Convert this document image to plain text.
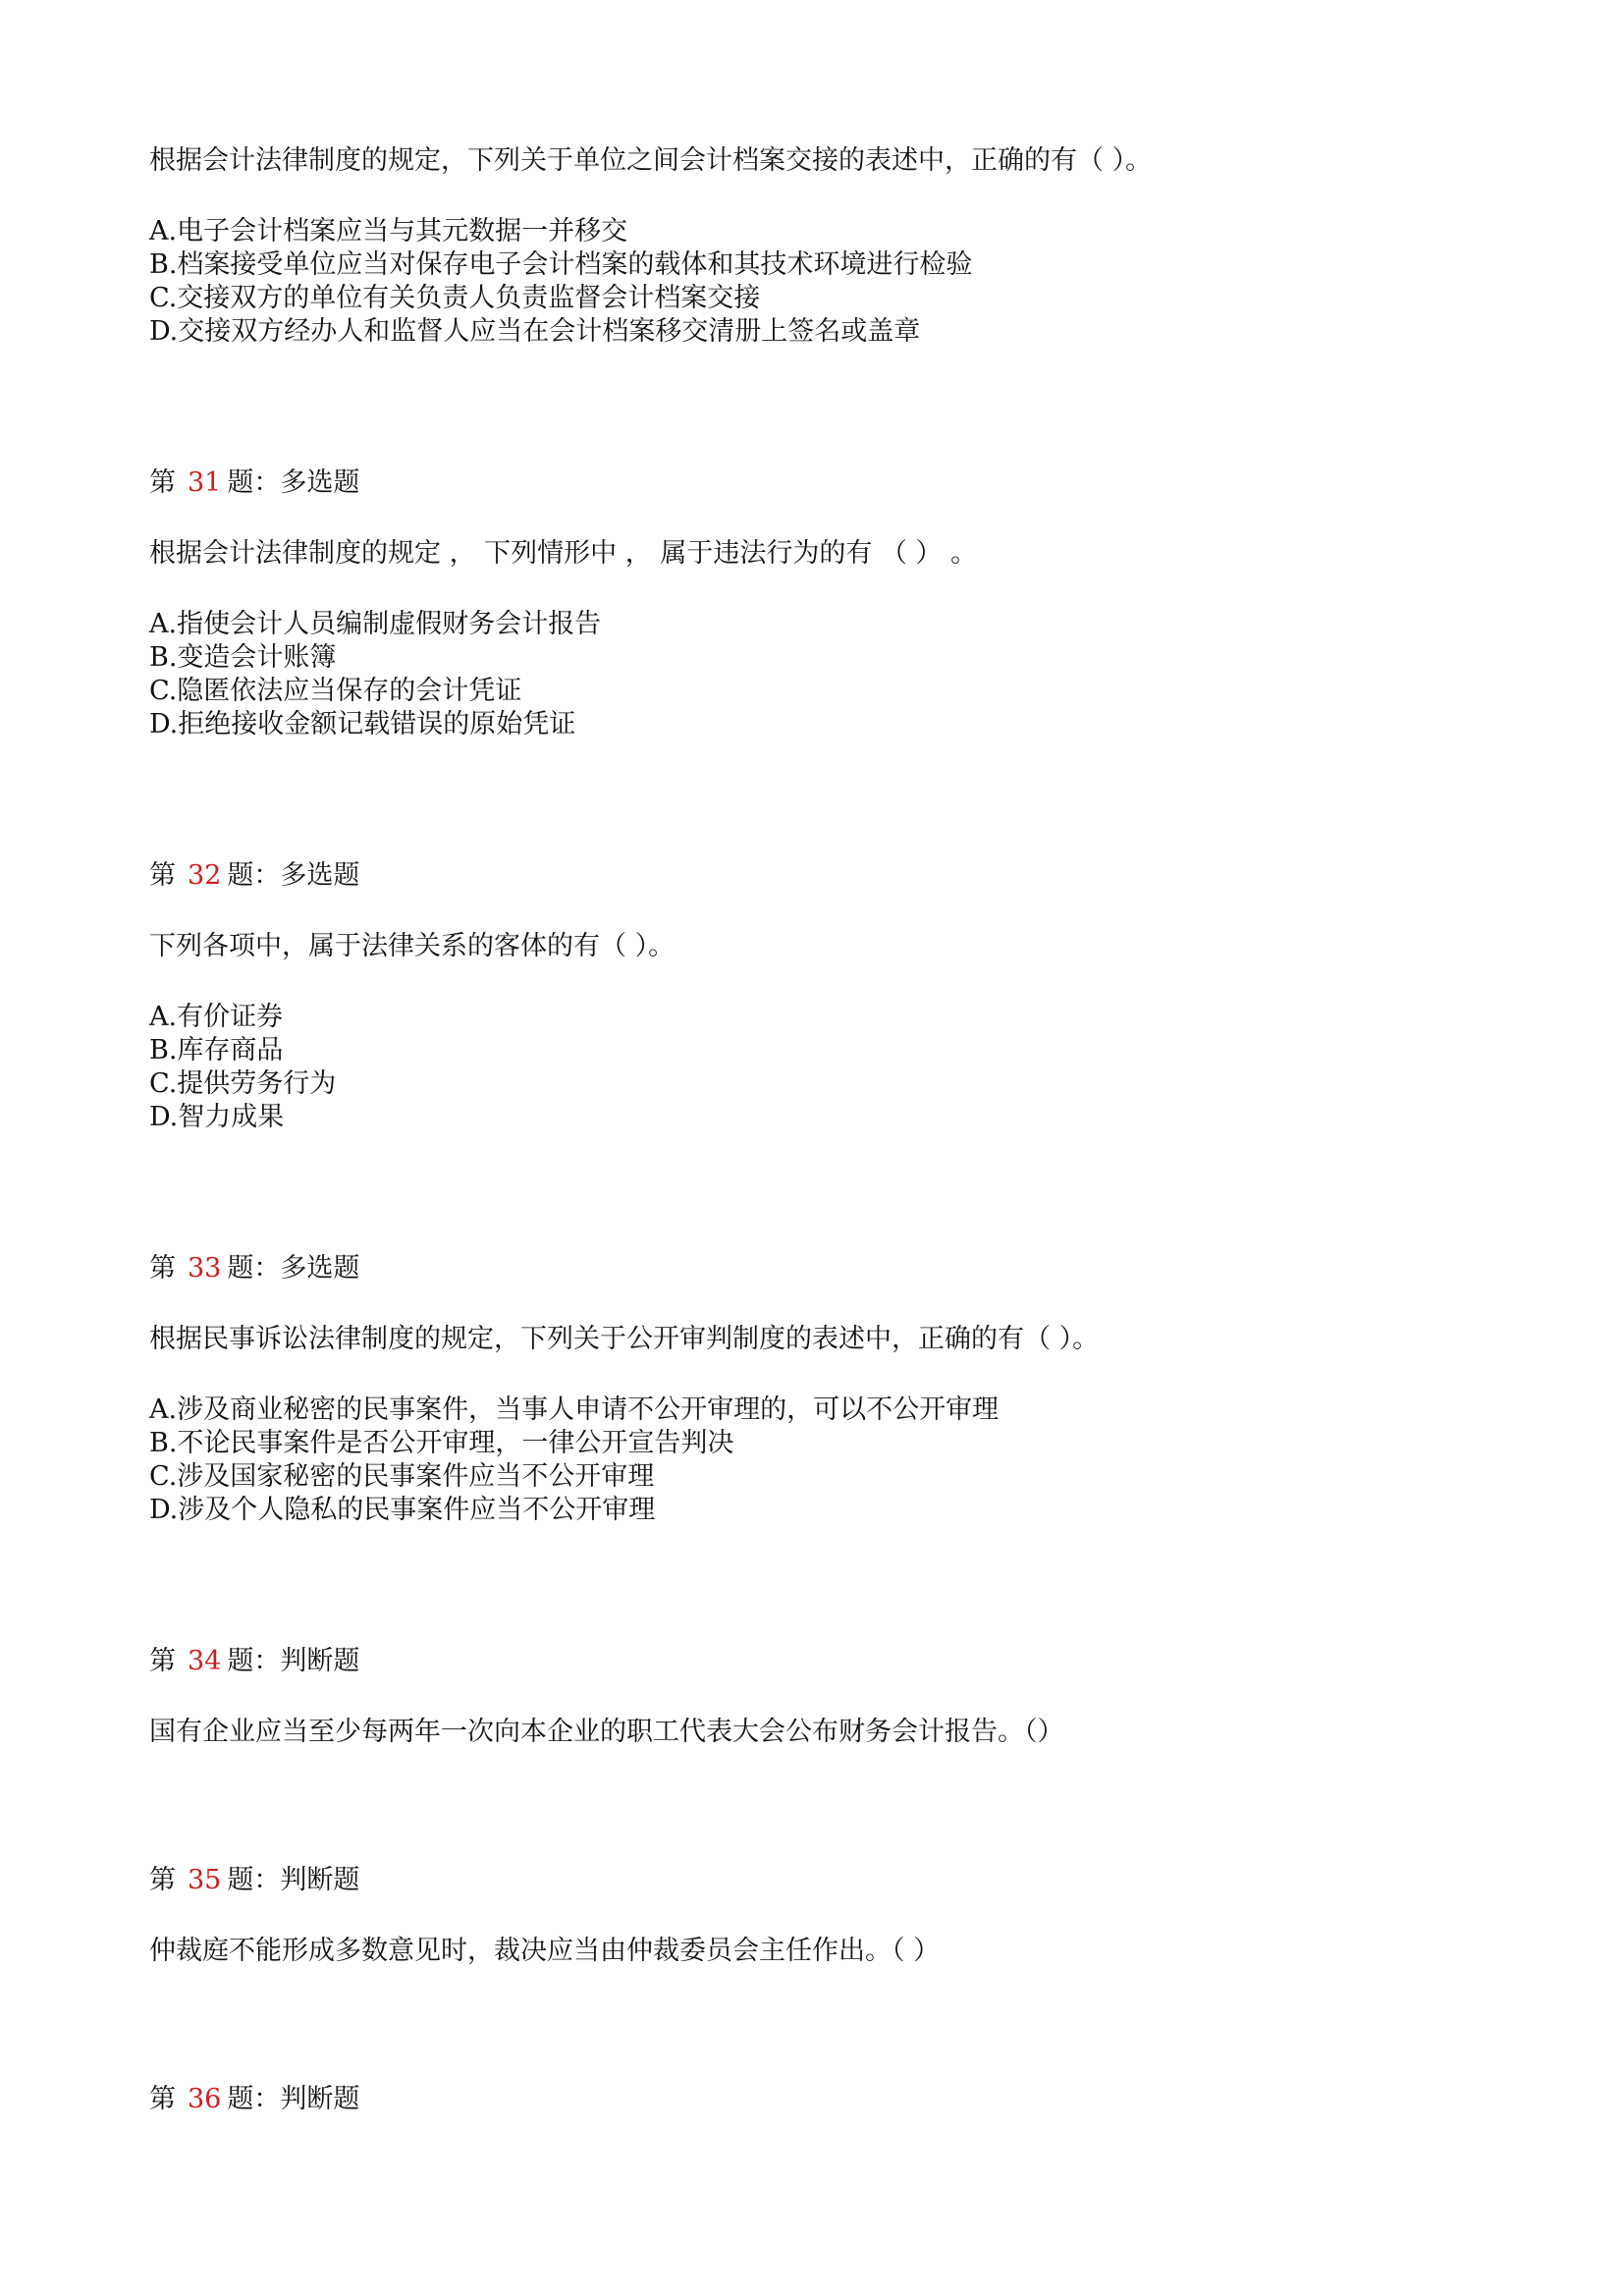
根据会计法律制度的规定，下列关于单位之间会计档案交接的表述中，正确的有（ ）。

A.电子会计档案应当与其元数据一并移交

B.档案接受单位应当对保存电子会计档案的载体和其技术环境进行检验

C.交接双方的单位有关负责人负责监督会计档案交接

D.交接双方经办人和监督人应当在会计档案移交清册上签名或盖章

第 31 题：多选题

根据会计法律制度的规定 ， 下列情形中 ， 属于违法行为的有 （ ） 。

A.指使会计人员编制虚假财务会计报告

B.变造会计账簿

C.隐匿依法应当保存的会计凭证

D.拒绝接收金额记载错误的原始凭证

第 32 题：多选题

下列各项中，属于法律关系的客体的有（ ）。

A.有价证券

B.库存商品

C.提供劳务行为

D.智力成果

第 33 题：多选题

根据民事诉讼法律制度的规定，下列关于公开审判制度的表述中，正确的有（ ）。

A.涉及商业秘密的民事案件，当事人申请不公开审理的，可以不公开审理

B.不论民事案件是否公开审理，一律公开宣告判决

C.涉及国家秘密的民事案件应当不公开审理

D.涉及个人隐私的民事案件应当不公开审理

第 34 题：判断题

国有企业应当至少每两年一次向本企业的职工代表大会公布财务会计报告。（）

第 35 题：判断题

仲裁庭不能形成多数意见时，裁决应当由仲裁委员会主任作出。（ ）

第 36 题：判断题
